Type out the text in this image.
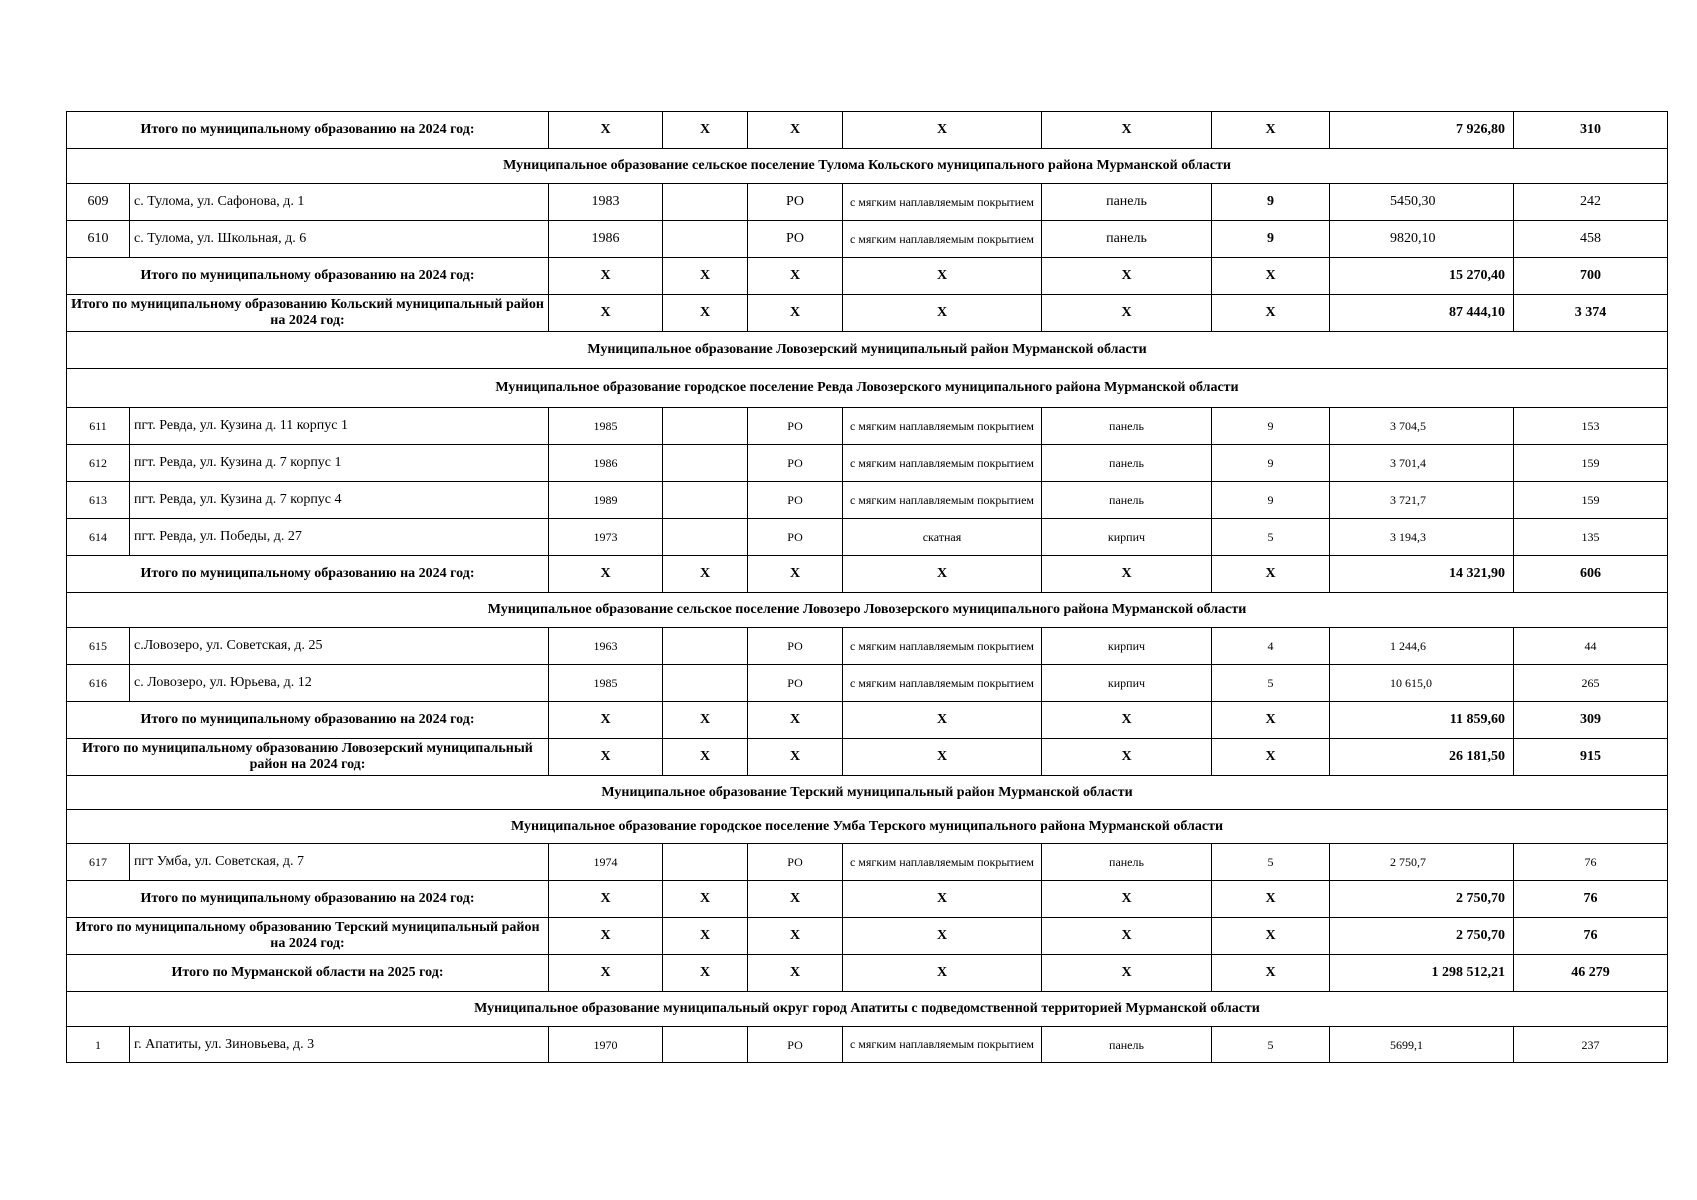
Итого по муниципальному образованию на 2024 год:		X	X	X	X	X	X	7 926,80	310
Муниципальное образование сельское поселение Тулома Кольского муниципального района Мурманской области									
609	с. Тулома, ул. Сафонова, д. 1	1983		РО	с мягким наплавляемым покрытием	панель	9	5450,30	242
610	с. Тулома, ул. Школьная, д. 6	1986		РО	с мягким наплавляемым покрытием	панель	9	9820,10	458
Итого по муниципальному образованию на 2024 год:		X	X	X	X	X	X	15 270,40	700
Итого по муниципальному образованию Кольский муниципальный район на 2024 год:		X	X	X	X	X	X	87 444,10	3 374
Муниципальное образование Ловозерский муниципальный район Мурманской области									
Муниципальное образование городское поселение Ревда Ловозерского муниципального района Мурманской области									
611	пгт. Ревда, ул. Кузина д. 11 корпус 1	1985		РО	с мягким наплавляемым покрытием	панель	9	3 704,5	153
612	пгт. Ревда, ул. Кузина д. 7 корпус 1	1986		РО	с мягким наплавляемым покрытием	панель	9	3 701,4	159
613	пгт. Ревда, ул. Кузина д. 7 корпус 4	1989		РО	с мягким наплавляемым покрытием	панель	9	3 721,7	159
614	пгт. Ревда, ул. Победы, д. 27	1973		РО	скатная	кирпич	5	3 194,3	135
Итого по муниципальному образованию на 2024 год:		X	X	X	X	X	X	14 321,90	606
Муниципальное образование сельское поселение Ловозеро Ловозерского муниципального района Мурманской области									
615	с.Ловозеро, ул. Советская, д. 25	1963		РО	с мягким наплавляемым покрытием	кирпич	4	1 244,6	44
616	с. Ловозеро, ул. Юрьева, д. 12	1985		РО	с мягким наплавляемым покрытием	кирпич	5	10 615,0	265
Итого по муниципальному образованию на 2024 год:		X	X	X	X	X	X	11 859,60	309
Итого по муниципальному образованию Ловозерский муниципальный район на 2024 год:		X	X	X	X	X	X	26 181,50	915
Муниципальное образование Терский муниципальный район Мурманской области									
Муниципальное образование городское поселение Умба Терского муниципального района Мурманской области									
617	пгт Умба, ул. Советская, д. 7	1974		РО	с мягким наплавляемым покрытием	панель	5	2 750,7	76
Итого по муниципальному образованию на 2024 год:		X	X	X	X	X	X	2 750,70	76
Итого по муниципальному образованию Терский муниципальный район на 2024 год:		X	X	X	X	X	X	2 750,70	76
Итого по Мурманской области на 2025 год:		X	X	X	X	X	X	1 298 512,21	46 279
Муниципальное образование муниципальный округ город Апатиты с подведомственной территорией Мурманской области									
1	г. Апатиты, ул. Зиновьева, д. 3	1970		РО	с мягким наплавляемым покрытием	панель	5	5699,1	237
